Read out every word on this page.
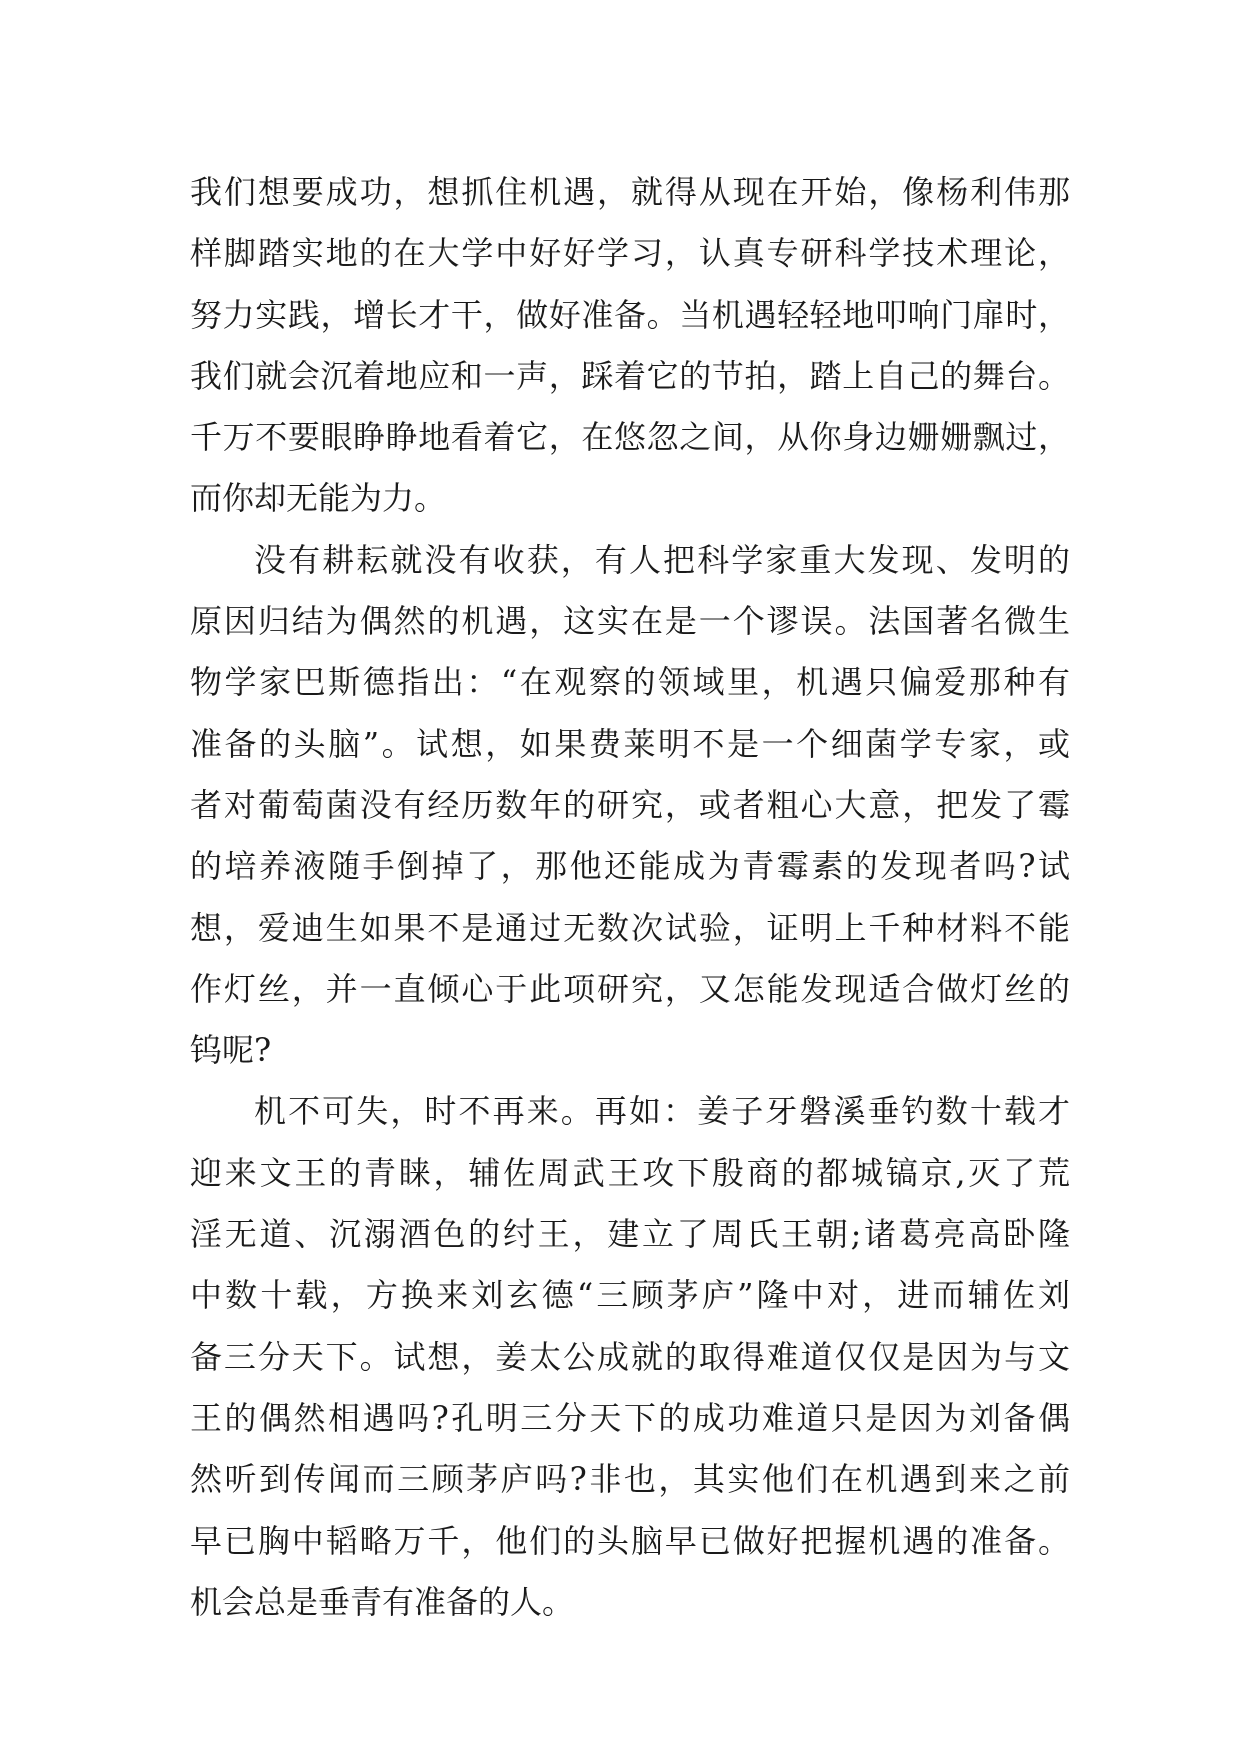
我们想要成功，想抓住机遇，就得从现在开始，像杨利伟那
样脚踏实地的在大学中好好学习，认真专研科学技术理论，
努力实践，增长才干，做好准备。当机遇轻轻地叩响门扉时，
我们就会沉着地应和一声，踩着它的节拍，踏上自己的舞台。
千万不要眼睁睁地看着它，在悠忽之间，从你身边姗姗飘过，
而你却无能为力。
没有耕耘就没有收获，有人把科学家重大发现、发明的
原因归结为偶然的机遇，这实在是一个谬误。法国著名微生
物学家巴斯德指出：“在观察的领域里，机遇只偏爱那种有
准备的头脑”。试想，如果费莱明不是一个细菌学专家，或
者对葡萄菌没有经历数年的研究，或者粗心大意，把发了霉
的培养液随手倒掉了，那他还能成为青霉素的发现者吗?试
想，爱迪生如果不是通过无数次试验，证明上千种材料不能
作灯丝，并一直倾心于此项研究，又怎能发现适合做灯丝的
钨呢?
机不可失，时不再来。再如：姜子牙磐溪垂钓数十载才
迎来文王的青睐，辅佐周武王攻下殷商的都城镐京,灭了荒
淫无道、沉溺酒色的纣王，建立了周氏王朝;诸葛亮高卧隆
中数十载，方换来刘玄德“三顾茅庐”隆中对，进而辅佐刘
备三分天下。试想，姜太公成就的取得难道仅仅是因为与文
王的偶然相遇吗?孔明三分天下的成功难道只是因为刘备偶
然听到传闻而三顾茅庐吗?非也，其实他们在机遇到来之前
早已胸中韬略万千，他们的头脑早已做好把握机遇的准备。
机会总是垂青有准备的人。
